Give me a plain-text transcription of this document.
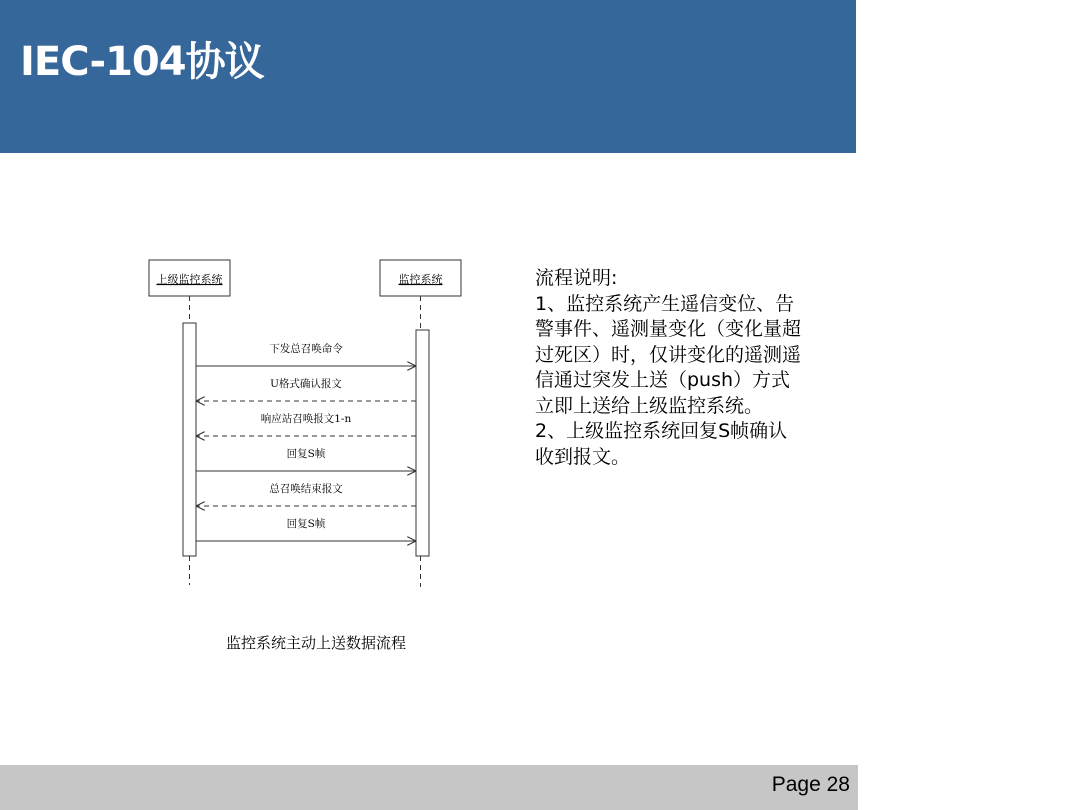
IEC-104协议
上级监控系统	监控系统
下发总召唤命令
U格式确认报文
响应站召唤报文1-n
回复S帧
总召唤结束报文
回复S帧
监控系统主动上送数据流程

流程说明:

1、监控系统产生遥信变位、告警事件、遥测量变化（变化量超过死区）时，仅讲变化的遥测遥信通过突发上送（push）方式立即上送给上级监控系统。

2、上级监控系统回复S帧确认收到报文。

Page 28
